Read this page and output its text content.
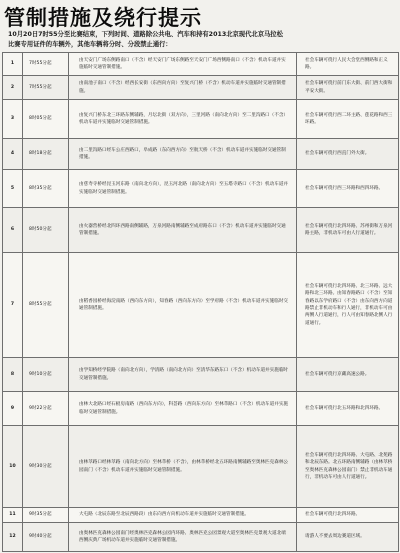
管制措施及绕行提示
10月20日7时55分至比赛结束，下列时间、道路除公共电、汽车和持有2013北京现代北京马拉松
比赛专用证件的车辆外，其他车辆将分时、分段禁止通行：
1	7时55分起	由天安门广场东侧路南口（不含）经天安门广场东侧路至天安门广场西侧路南口（不含）机动车道并实施临时交通管制措施。	社会车辆可绕行人民大会堂西侧路和正义路。
2	7时55分起	由南池子南口（不含）经西长安街（东西向方向）至复兴门桥（不含）机动车道并实施临时交通管制措施。	社会车辆可绕行前门东大街、前门西大街和平安大街。
3	8时05分起	由复兴门桥东北三环路东侧辅路，月坛北街（双方向），三里河路（南向北方向）至二里沟路口（不含）机动车道并实施临时交通管制措施。	社会车辆可绕行西二环主路、莲花路和西三环路。
4	8时18分起	由二里沟路口经车公庄西路口，阜成路（东向西方向）至航天桥（不含）机动车道并实施临时交通管制措施。	社会车辆可绕行西直门外大街。
5	8时35分起	由慈寿寺桥经昆玉河东路（南向北方向），昆玉河北路（南向北方向）至五塔寺路口（不含）机动车道并实施临时交通管制措施。	社会车辆可绕行西三环路和西四环路。
6	8时50分起	由火器营桥经北四环西路南侧辅路，万泉河路南侧辅路至成府路东口（不含）机动车道并实施临时交通管制措施。	社会车辆可绕行北四环路、苏州街和万泉河路主路，非机动车可由人行道通行。
7	8时55分起	由稻香园桥经海淀南路（西向东方向），知春路（西向东方向）至学府路（不含）机动车道并实施临时交通管制措施。	社会车辆可绕行北四环路、北三环路、远大路和北三环路。由知春路路口（不含）至知春路以东学府路口（不含）由东向西方向道路禁止非机动车和行人通行，非机动车可由两侧人行道通行，行人可由知春路北侧人行道通行。
8	9时10分起	由学知桥经学院路（南向北方向），学清路（南向北方向）至清华东路东口（不含）机动车道并实施临时交通管制措施。	社会车辆可绕行京藏高速公路。
9	9时22分起	由林大北路口经石板房南路（西向东方向），科荟路（西向东方向）至林萃路口（不含）机动车道并实施临时交通管制措施。	社会车辆可绕行北五环路和北四环路。
10	9时30分起	由林萃路口经林萃路（南向北方向）至林萃桥（不含），由林萃桥经北五环路南侧辅路至奥林匹克森林公园南门（不含）机动车道并实施临时交通管制措施。	社会车辆可绕行北四环路、大屯路、北苑路和北辰东路。北五环路南侧辅路（由林萃桥至奥林匹克森林公园南门）禁止非机动车通行，非机动车可由人行道通行。
11	9时35分起	大屯路（北辰东路至北辰西路段）由东向西方向机动车道并实施临时交通管制措施。	社会车辆可绕行北四环路。
12	9时40分起	由奥林匹克森林公园南门经奥林匹克森林公园内环路、奥林匹克公园景观大道至奥林匹克景观大道北端西侧庆典广场机动车道并实施临时交通管制措施。	请游人不要去周边赛道区域。
